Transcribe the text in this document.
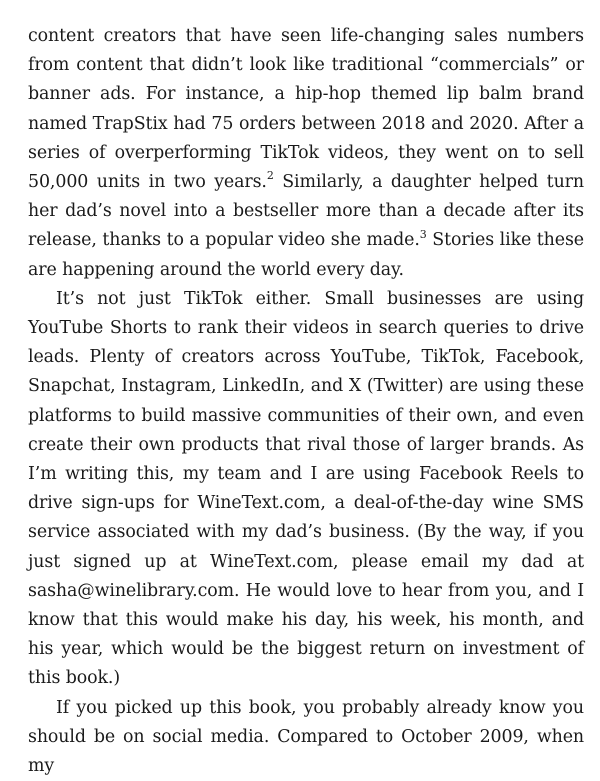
content creators that have seen life-changing sales numbers from content that didn’t look like traditional “commercials” or banner ads. For instance, a hip-hop themed lip balm brand named TrapStix had 75 orders between 2018 and 2020. After a series of overperforming TikTok videos, they went on to sell 50,000 units in two years.$^2$ Similarly, a daughter helped turn her dad’s novel into a bestseller more than a decade after its release, thanks to a popular video she made.$^3$ Stories like these are happening around the world every day.

It’s not just TikTok either. Small businesses are using YouTube Shorts to rank their videos in search queries to drive leads. Plenty of creators across YouTube, TikTok, Facebook, Snapchat, Instagram, LinkedIn, and X (Twitter) are using these platforms to build massive communities of their own, and even create their own products that rival those of larger brands. As I’m writing this, my team and I are using Facebook Reels to drive sign-ups for WineText.com, a deal-of-the-day wine SMS service associated with my dad’s business. (By the way, if you just signed up at WineText.com, please email my dad at sasha@winelibrary.com. He would love to hear from you, and I know that this would make his day, his week, his month, and his year, which would be the biggest return on investment of this book.)

If you picked up this book, you probably already know you should be on social media. Compared to October 2009, when my
